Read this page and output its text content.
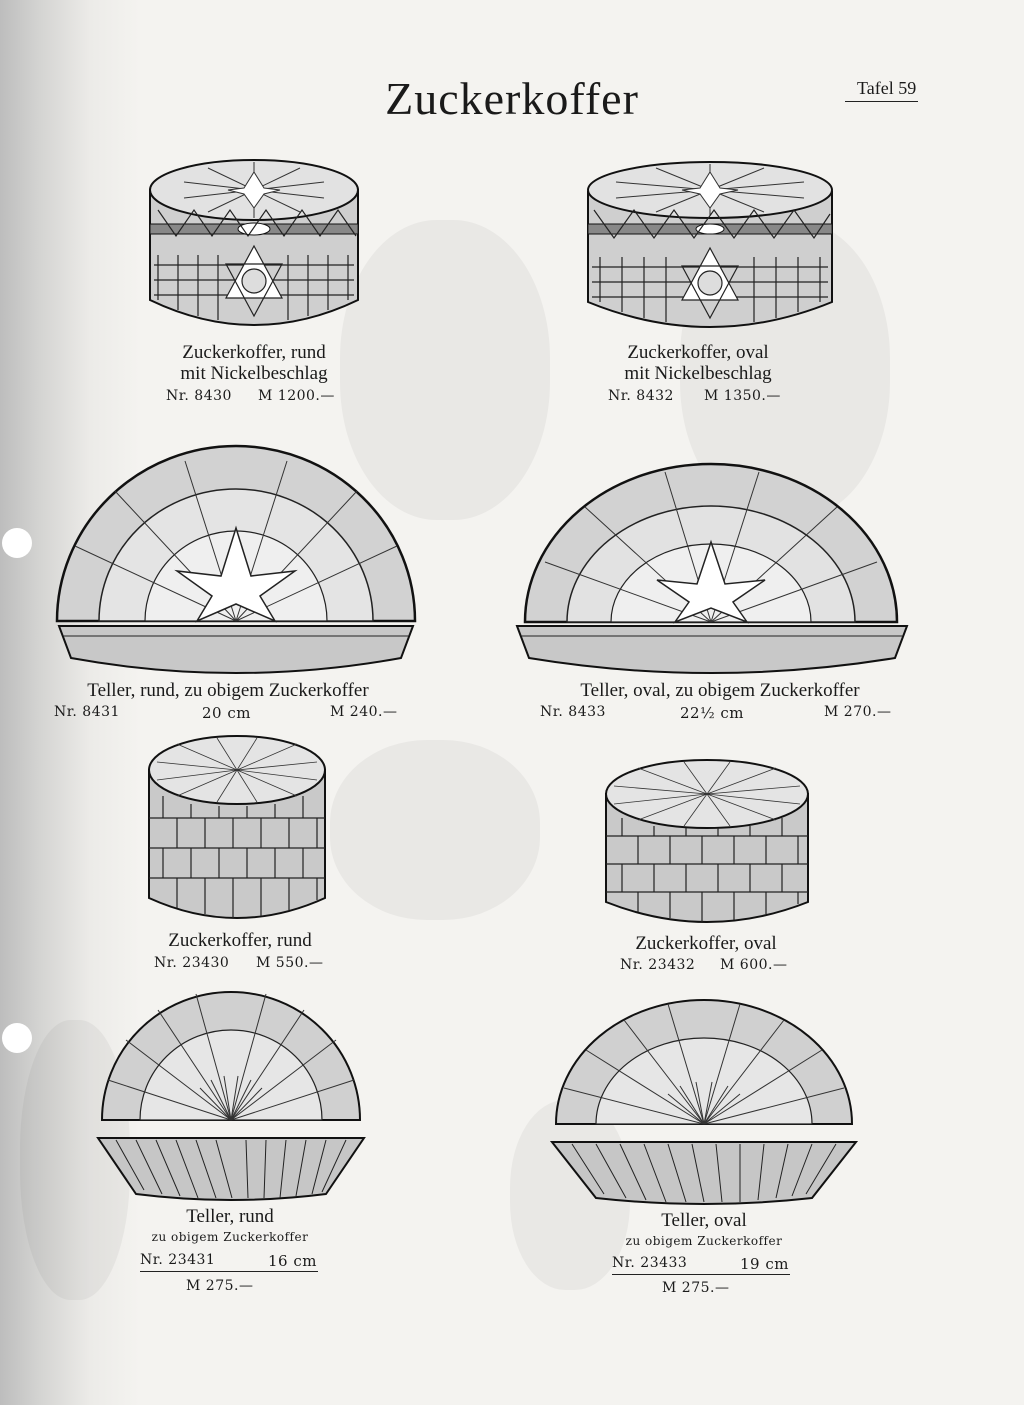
Zuckerkoffer	Tafel 59
Zuckerkoffer, rund
mit Nickelbeschlag
Nr. 8430 M 1200.—
Zuckerkoffer, oval
mit Nickelbeschlag
Nr. 8432 M 1350.—
Teller, rund, zu obigem Zuckerkoffer
Nr. 8431	20 cm	M 240.—
Teller, oval, zu obigem Zuckerkoffer
Nr. 8433	22½ cm	M 270.—
Zuckerkoffer, rund
Nr. 23430 M 550.—
Zuckerkoffer, oval
Nr. 23432 M 600.—
Teller, rund
zu obigem Zuckerkoffer
Nr. 23431	16 cm
M 275.—
Teller, oval
zu obigem Zuckerkoffer
Nr. 23433	19 cm
M 275.—
